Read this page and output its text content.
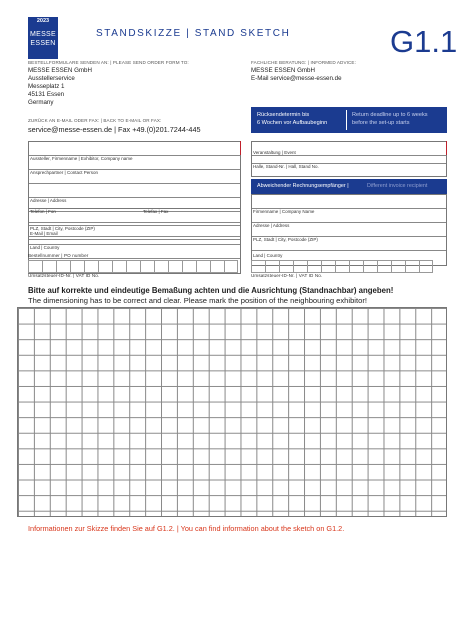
2023
MESSE
ESSEN
STANDSKIZZE | STAND SKETCH	G1.1
BESTELLFORMULARE SENDEN AN: | PLEASE SEND ORDER FORM TO:
MESSE ESSEN GmbH
Ausstellerservice
Messeplatz 1
45131 Essen
Germany
ZURÜCK AN E-MAIL ODER FAX: | BACK TO E-MAIL OR FAX:
service@messe-essen.de | Fax +49.(0)201.7244-445
FACHLICHE BERATUNG: | INFORMED ADVICE:
MESSE ESSEN GmbH
E-Mail service@messe-essen.de
Rücksendetermin bis
6 Wochen vor Aufbaubeginn
Return deadline up to 6 weeks
before the set-up starts
Aussteller, Firmenname | Exhibitor, Company name
Ansprechpartner | Contact Person
Adresse | Address
PLZ, Stadt | City, Postcode (ZIP)
Telefon | Fon	Telefax | Fax
E-Mail | Email
Land | Country
Bestellnummer | PO number
Umsatzsteuer-ID-Nr. | VAT ID No.
Veranstaltung | Event
Halle, Stand-Nr. | Hall, Stand No.
Abweichender Rechnungsempfänger |	Different invoice recipient
Firmenname | Company Name
Adresse | Address
PLZ, Stadt | City, Postcode (ZIP)
Land | Country
Umsatzsteuer-ID-Nr. | VAT ID No.
Bitte auf korrekte und eindeutige Bemaßung achten und die Ausrichtung (Standnachbar) angeben!
The dimensioning has to be correct and clear. Please mark the position of the neighbouring exhibitor!
Informationen zur Skizze finden Sie auf G1.2. | You can find information about the sketch on G1.2.
